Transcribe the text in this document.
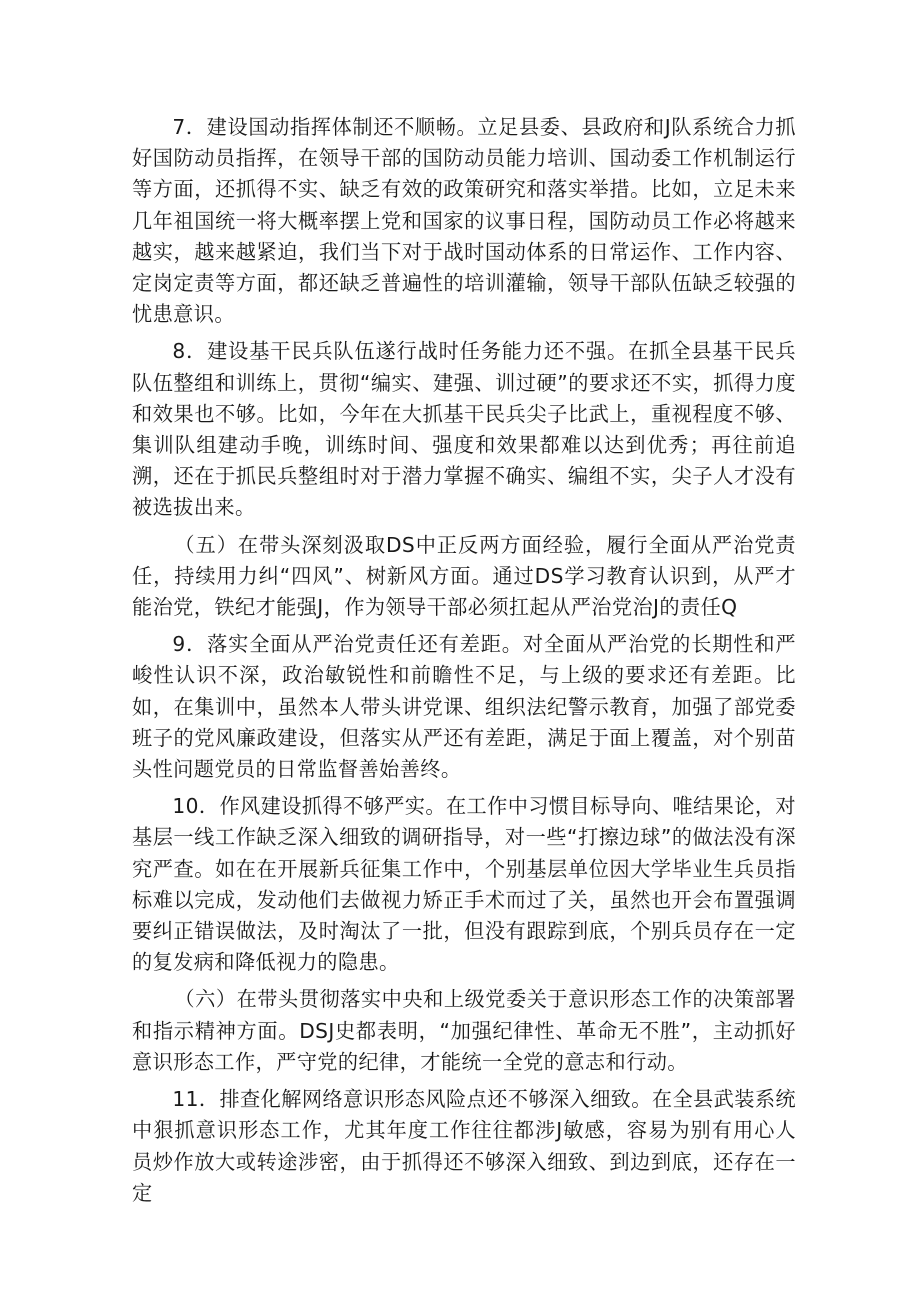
7．建设国动指挥体制还不顺畅。立足县委、县政府和J队系统合力抓好国防动员指挥，在领导干部的国防动员能力培训、国动委工作机制运行等方面，还抓得不实、缺乏有效的政策研究和落实举措。比如，立足未来几年祖国统一将大概率摆上党和国家的议事日程，国防动员工作必将越来越实，越来越紧迫，我们当下对于战时国动体系的日常运作、工作内容、定岗定责等方面，都还缺乏普遍性的培训灌输，领导干部队伍缺乏较强的忧患意识。

8．建设基干民兵队伍遂行战时任务能力还不强。在抓全县基干民兵队伍整组和训练上，贯彻“编实、建强、训过硬”的要求还不实，抓得力度和效果也不够。比如，今年在大抓基干民兵尖子比武上，重视程度不够、集训队组建动手晚，训练时间、强度和效果都难以达到优秀；再往前追溯，还在于抓民兵整组时对于潜力掌握不确实、编组不实，尖子人才没有被选拔出来。

（五）在带头深刻汲取DS中正反两方面经验，履行全面从严治党责任，持续用力纠“四风”、树新风方面。通过DS学习教育认识到，从严才能治党，铁纪才能强J，作为领导干部必须扛起从严治党治J的责任Q

9．落实全面从严治党责任还有差距。对全面从严治党的长期性和严峻性认识不深，政治敏锐性和前瞻性不足，与上级的要求还有差距。比如，在集训中，虽然本人带头讲党课、组织法纪警示教育，加强了部党委班子的党风廉政建设，但落实从严还有差距，满足于面上覆盖，对个别苗头性问题党员的日常监督善始善终。

10．作风建设抓得不够严实。在工作中习惯目标导向、唯结果论，对基层一线工作缺乏深入细致的调研指导，对一些“打擦边球”的做法没有深究严查。如在在开展新兵征集工作中，个别基层单位因大学毕业生兵员指标难以完成，发动他们去做视力矫正手术而过了关，虽然也开会布置强调要纠正错误做法，及时淘汰了一批，但没有跟踪到底，个别兵员存在一定的复发病和降低视力的隐患。

（六）在带头贯彻落实中央和上级党委关于意识形态工作的决策部署和指示精神方面。DSJ史都表明，“加强纪律性、革命无不胜”，主动抓好意识形态工作，严守党的纪律，才能统一全党的意志和行动。

11．排查化解网络意识形态风险点还不够深入细致。在全县武装系统中狠抓意识形态工作，尤其年度工作往往都涉J敏感，容易为别有用心人员炒作放大或转途涉密，由于抓得还不够深入细致、到边到底，还存在一定
